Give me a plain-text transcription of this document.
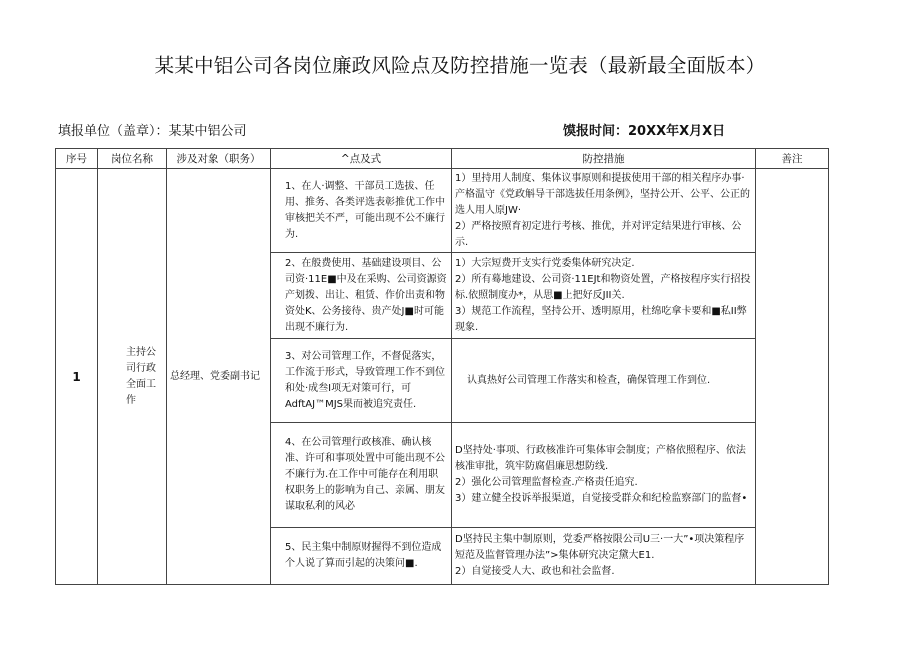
某某中铝公司各岗位廉政风险点及防控措施一览表（最新最全面版本）
填报单位（盖章）：某某中铝公司	馍报时间：20XX年X月X日
序号	岗位名称	涉及对象（职务）	^点及式	防控措施	善注
1	主持公司行政全面工作	总经理、党委副书记	1、在人·调整、干部员工选拔、任用、推务、各类评选表彰推优工作中审核把关不严，可能出现不公不廉行为.	1）里持用人制度、集体议事原则和提拔使用干部的相关程序办事·产格温守《党政斛导干部选拔任用条例》，坚持公开、公平、公正的选人用人原JW·

2）严格按照育初定进行考核、推优，并对评定结果进行审核、公示.	

			2、在般费使用、基础建设项目、公司资·11E■中及在采购、公司资源资产划拨、出让、租赁、作价出责和物资处K、公务接待、贵产处J■时可能出现不廉行为.	1）大宗短费开支实行党委集体研究决定.

2）所有蓦地建设、公司资·11EJt和物资处置，产格按程序实行招投标.依照制度办*，从思■上把好反JII关.

3）规范工作流程，坚持公开、透明原用，杜绵吃拿卡要和■私II弊现象.	

			3、对公司管理工作，不督促落实，工作流于形式，导致管理工作不到位和处·成叁I项无对策可行，可AdftAJ™MJS果而被追究责任.	认真热好公司管理工作落实和检查，确保管理工作到位.	

			4、在公司管理行政核准、确认核准、许可和事项处置中可能出现不公不廉行为.在工作中可能存在利用职权职务上的影响为自己、亲属、朋友谋取私利的风必	D坚持处·事项、行政核准许可集体审会制度；产格依照程序、依法核准审批，筑牢防腐倡廉思想防线.

2）强化公司管理监督检查.产格责任追究.

3）建立健全投诉举报渠道，自觉接受群众和纪检监察部门的监督•	

			5、民主集中制原财握得不到位造成个人说了算而引起的决策问■.	D坚持民主集中制原则，党委严格按限公司U三·一大”•项决策程序短范及监督管理办法”>集体研究决定黛大E1.

2）自觉接受人大、政也和社会监督.	
